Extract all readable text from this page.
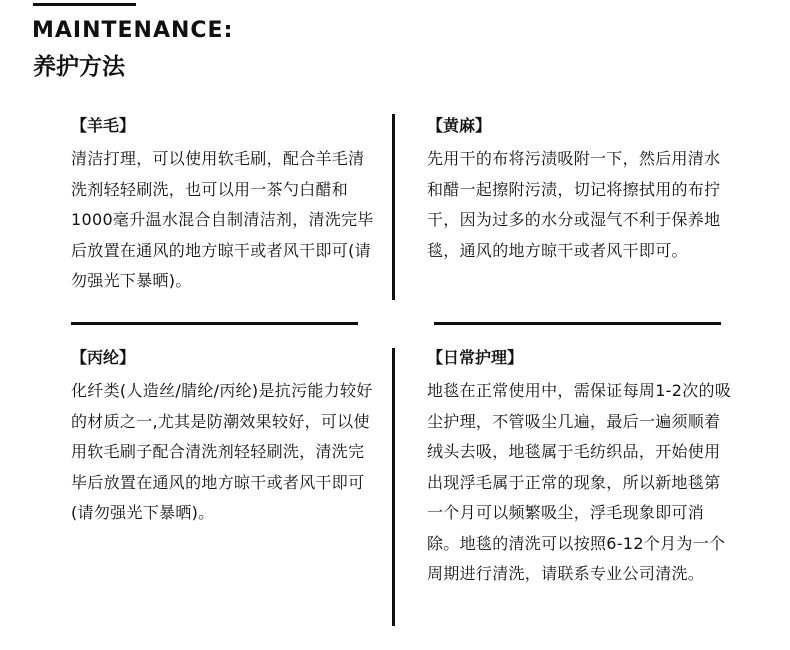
MAINTENANCE:
养护方法
【羊毛】
清洁打理，可以使用软毛刷，配合羊毛清洗剂轻轻刷洗，也可以用一茶勺白醋和1000毫升温水混合自制清洁剂，清洗完毕后放置在通风的地方晾干或者风干即可(请勿强光下暴晒)。
【黄麻】
先用干的布将污渍吸附一下，然后用清水和醋一起擦附污渍，切记将擦拭用的布拧干，因为过多的水分或湿气不利于保养地毯，通风的地方晾干或者风干即可。
【丙纶】
化纤类(人造丝/腈纶/丙纶)是抗污能力较好的材质之一,尤其是防潮效果较好，可以使用软毛刷子配合清洗剂轻轻刷洗，清洗完毕后放置在通风的地方晾干或者风干即可(请勿强光下暴晒)。
【日常护理】
地毯在正常使用中，需保证每周1-2次的吸尘护理，不管吸尘几遍，最后一遍须顺着绒头去吸，地毯属于毛纺织品，开始使用出现浮毛属于正常的现象，所以新地毯第一个月可以频繁吸尘，浮毛现象即可消除。地毯的清洗可以按照6-12个月为一个周期进行清洗，请联系专业公司清洗。
